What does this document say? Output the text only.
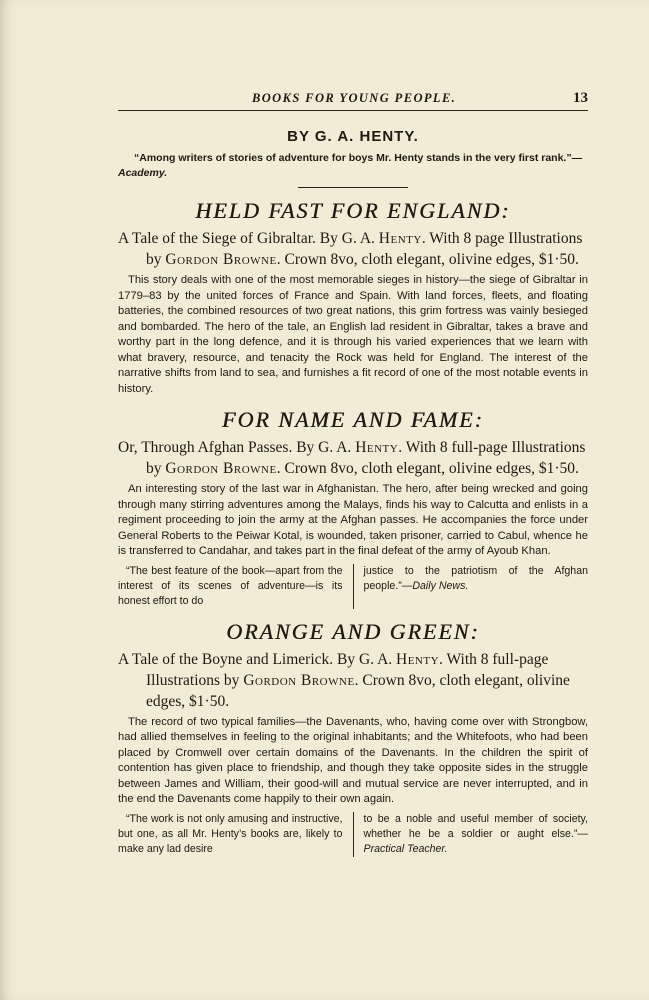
BOOKS FOR YOUNG PEOPLE.	13
BY G. A. HENTY.

“Among writers of stories of adventure for boys Mr. Henty stands in the very first rank.”—Academy.

HELD FAST FOR ENGLAND:

A Tale of the Siege of Gibraltar. By G. A. Henty. With 8 page Illustrations by Gordon Browne. Crown 8vo, cloth elegant, olivine edges, $1·50.

This story deals with one of the most memorable sieges in history—the siege of Gibraltar in 1779–83 by the united forces of France and Spain. With land forces, fleets, and floating batteries, the combined resources of two great nations, this grim fortress was vainly besieged and bombarded. The hero of the tale, an English lad resident in Gibraltar, takes a brave and worthy part in the long defence, and it is through his varied experiences that we learn with what bravery, resource, and tenacity the Rock was held for England. The interest of the narrative shifts from land to sea, and furnishes a fit record of one of the most notable events in history.

FOR NAME AND FAME:

Or, Through Afghan Passes. By G. A. Henty. With 8 full-page Illustrations by Gordon Browne. Crown 8vo, cloth elegant, olivine edges, $1·50.

An interesting story of the last war in Afghanistan. The hero, after being wrecked and going through many stirring adventures among the Malays, finds his way to Calcutta and enlists in a regiment proceeding to join the army at the Afghan passes. He accompanies the force under General Roberts to the Peiwar Kotal, is wounded, taken prisoner, carried to Cabul, whence he is transferred to Candahar, and takes part in the final defeat of the army of Ayoub Khan.

“The best feature of the book—apart from the interest of its scenes of adventure—is its honest effort to do
justice to the patriotism of the Afghan people.”—Daily News.
ORANGE AND GREEN:

A Tale of the Boyne and Limerick. By G. A. Henty. With 8 full-page Illustrations by Gordon Browne. Crown 8vo, cloth elegant, olivine edges, $1·50.

The record of two typical families—the Davenants, who, having come over with Strongbow, had allied themselves in feeling to the original inhabitants; and the Whitefoots, who had been placed by Cromwell over certain domains of the Davenants. In the children the spirit of contention has given place to friendship, and though they take opposite sides in the struggle between James and William, their good-will and mutual service are never interrupted, and in the end the Davenants come happily to their own again.

“The work is not only amusing and instructive, but one, as all Mr. Henty’s books are, likely to make any lad desire
to be a noble and useful member of society, whether he be a soldier or aught else.”—Practical Teacher.
